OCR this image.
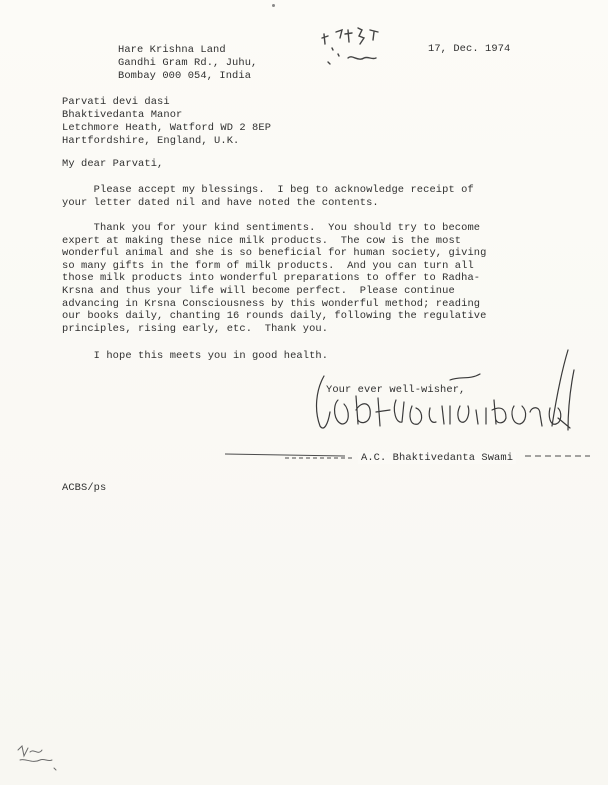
Hare Krishna Land
Gandhi Gram Rd., Juhu,
Bombay 000 054, India
17, Dec. 1974
Parvati devi dasi
Bhaktivedanta Manor
Letchmore Heath, Watford WD 2 8EP
Hartfordshire, England, U.K.
My dear Parvati,
Please accept my blessings.  I beg to acknowledge receipt of
your letter dated nil and have noted the contents.
Thank you for your kind sentiments.  You should try to become
expert at making these nice milk products.  The cow is the most
wonderful animal and she is so beneficial for human society, giving
so many gifts in the form of milk products.  And you can turn all
those milk products into wonderful preparations to offer to Radha-
Krsna and thus your life will become perfect.  Please continue
advancing in Krsna Consciousness by this wonderful method; reading
our books daily, chanting 16 rounds daily, following the regulative
principles, rising early, etc.  Thank you.
I hope this meets you in good health.
Your ever well-wisher,
A.C. Bhaktivedanta Swami
ACBS/ps
